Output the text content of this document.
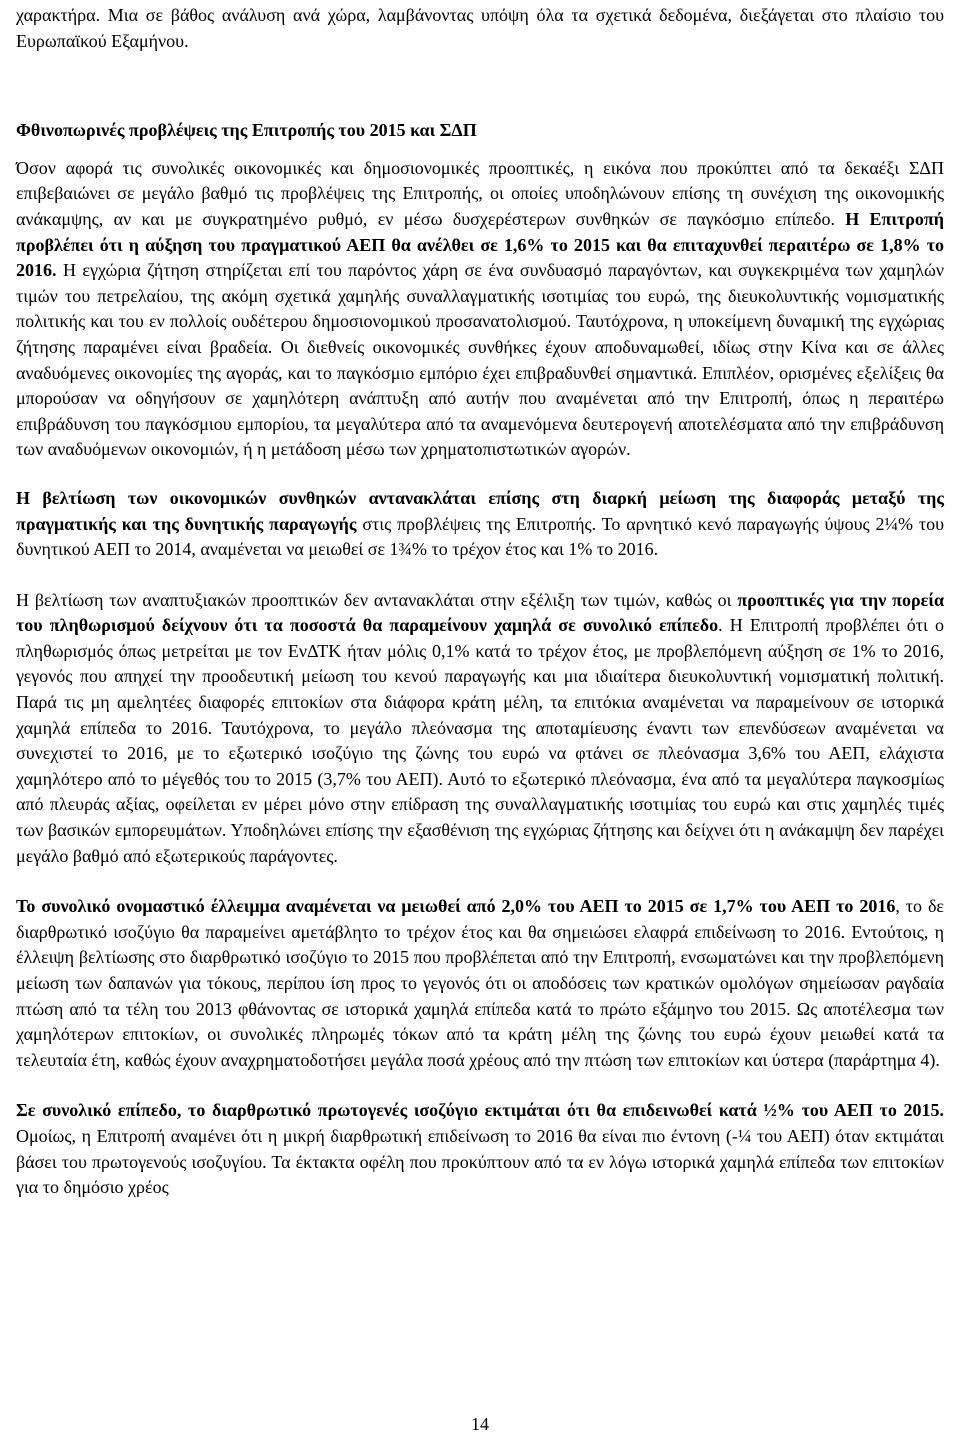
χαρακτήρα. Μια σε βάθος ανάλυση ανά χώρα, λαμβάνοντας υπόψη όλα τα σχετικά δεδομένα, διεξάγεται στο πλαίσιο του Ευρωπαϊκού Εξαμήνου.

Φθινοπωρινές προβλέψεις της Επιτροπής του 2015 και ΣΔΠ

Όσον αφορά τις συνολικές οικονομικές και δημοσιονομικές προοπτικές, η εικόνα που προκύπτει από τα δεκαέξι ΣΔΠ επιβεβαιώνει σε μεγάλο βαθμό τις προβλέψεις της Επιτροπής, οι οποίες υποδηλώνουν επίσης τη συνέχιση της οικονομικής ανάκαμψης, αν και με συγκρατημένο ρυθμό, εν μέσω δυσχερέστερων συνθηκών σε παγκόσμιο επίπεδο. Η Επιτροπή προβλέπει ότι η αύξηση του πραγματικού ΑΕΠ θα ανέλθει σε 1,6% το 2015 και θα επιταχυνθεί περαιτέρω σε 1,8% το 2016. Η εγχώρια ζήτηση στηρίζεται επί του παρόντος χάρη σε ένα συνδυασμό παραγόντων, και συγκεκριμένα των χαμηλών τιμών του πετρελαίου, της ακόμη σχετικά χαμηλής συναλλαγματικής ισοτιμίας του ευρώ, της διευκολυντικής νομισματικής πολιτικής και του εν πολλοίς ουδέτερου δημοσιονομικού προσανατολισμού. Ταυτόχρονα, η υποκείμενη δυναμική της εγχώριας ζήτησης παραμένει είναι βραδεία. Οι διεθνείς οικονομικές συνθήκες έχουν αποδυναμωθεί, ιδίως στην Κίνα και σε άλλες αναδυόμενες οικονομίες της αγοράς, και το παγκόσμιο εμπόριο έχει επιβραδυνθεί σημαντικά. Επιπλέον, ορισμένες εξελίξεις θα μπορούσαν να οδηγήσουν σε χαμηλότερη ανάπτυξη από αυτήν που αναμένεται από την Επιτροπή, όπως η περαιτέρω επιβράδυνση του παγκόσμιου εμπορίου, τα μεγαλύτερα από τα αναμενόμενα δευτερογενή αποτελέσματα από την επιβράδυνση των αναδυόμενων οικονομιών, ή η μετάδοση μέσω των χρηματοπιστωτικών αγορών.

Η βελτίωση των οικονομικών συνθηκών αντανακλάται επίσης στη διαρκή μείωση της διαφοράς μεταξύ της πραγματικής και της δυνητικής παραγωγής στις προβλέψεις της Επιτροπής. Το αρνητικό κενό παραγωγής ύψους 2¼% του δυνητικού ΑΕΠ το 2014, αναμένεται να μειωθεί σε 1¾% το τρέχον έτος και 1% το 2016.

Η βελτίωση των αναπτυξιακών προοπτικών δεν αντανακλάται στην εξέλιξη των τιμών, καθώς οι προοπτικές για την πορεία του πληθωρισμού δείχνουν ότι τα ποσοστά θα παραμείνουν χαμηλά σε συνολικό επίπεδο. Η Επιτροπή προβλέπει ότι ο πληθωρισμός όπως μετρείται με τον ΕνΔΤΚ ήταν μόλις 0,1% κατά το τρέχον έτος, με προβλεπόμενη αύξηση σε 1% το 2016, γεγονός που απηχεί την προοδευτική μείωση του κενού παραγωγής και μια ιδιαίτερα διευκολυντική νομισματική πολιτική. Παρά τις μη αμελητέες διαφορές επιτοκίων στα διάφορα κράτη μέλη, τα επιτόκια αναμένεται να παραμείνουν σε ιστορικά χαμηλά επίπεδα το 2016. Ταυτόχρονα, το μεγάλο πλεόνασμα της αποταμίευσης έναντι των επενδύσεων αναμένεται να συνεχιστεί το 2016, με το εξωτερικό ισοζύγιο της ζώνης του ευρώ να φτάνει σε πλεόνασμα 3,6% του ΑΕΠ, ελάχιστα χαμηλότερο από το μέγεθός του το 2015 (3,7% του ΑΕΠ). Αυτό το εξωτερικό πλεόνασμα, ένα από τα μεγαλύτερα παγκοσμίως από πλευράς αξίας, οφείλεται εν μέρει μόνο στην επίδραση της συναλλαγματικής ισοτιμίας του ευρώ και στις χαμηλές τιμές των βασικών εμπορευμάτων. Υποδηλώνει επίσης την εξασθένιση της εγχώριας ζήτησης και δείχνει ότι η ανάκαμψη δεν παρέχει μεγάλο βαθμό από εξωτερικούς παράγοντες.

Το συνολικό ονομαστικό έλλειμμα αναμένεται να μειωθεί από 2,0% του ΑΕΠ το 2015 σε 1,7% του ΑΕΠ το 2016, το δε διαρθρωτικό ισοζύγιο θα παραμείνει αμετάβλητο το τρέχον έτος και θα σημειώσει ελαφρά επιδείνωση το 2016. Εντούτοις, η έλλειψη βελτίωσης στο διαρθρωτικό ισοζύγιο το 2015 που προβλέπεται από την Επιτροπή, ενσωματώνει και την προβλεπόμενη μείωση των δαπανών για τόκους, περίπου ίση προς το γεγονός ότι οι αποδόσεις των κρατικών ομολόγων σημείωσαν ραγδαία πτώση από τα τέλη του 2013 φθάνοντας σε ιστορικά χαμηλά επίπεδα κατά το πρώτο εξάμηνο του 2015. Ως αποτέλεσμα των χαμηλότερων επιτοκίων, οι συνολικές πληρωμές τόκων από τα κράτη μέλη της ζώνης του ευρώ έχουν μειωθεί κατά τα τελευταία έτη, καθώς έχουν αναχρηματοδοτήσει μεγάλα ποσά χρέους από την πτώση των επιτοκίων και ύστερα (παράρτημα 4).

Σε συνολικό επίπεδο, το διαρθρωτικό πρωτογενές ισοζύγιο εκτιμάται ότι θα επιδεινωθεί κατά ½% του ΑΕΠ το 2015. Ομοίως, η Επιτροπή αναμένει ότι η μικρή διαρθρωτική επιδείνωση το 2016 θα είναι πιο έντονη (-¼ του ΑΕΠ) όταν εκτιμάται βάσει του πρωτογενούς ισοζυγίου. Τα έκτακτα οφέλη που προκύπτουν από τα εν λόγω ιστορικά χαμηλά επίπεδα των επιτοκίων για το δημόσιο χρέος

14
